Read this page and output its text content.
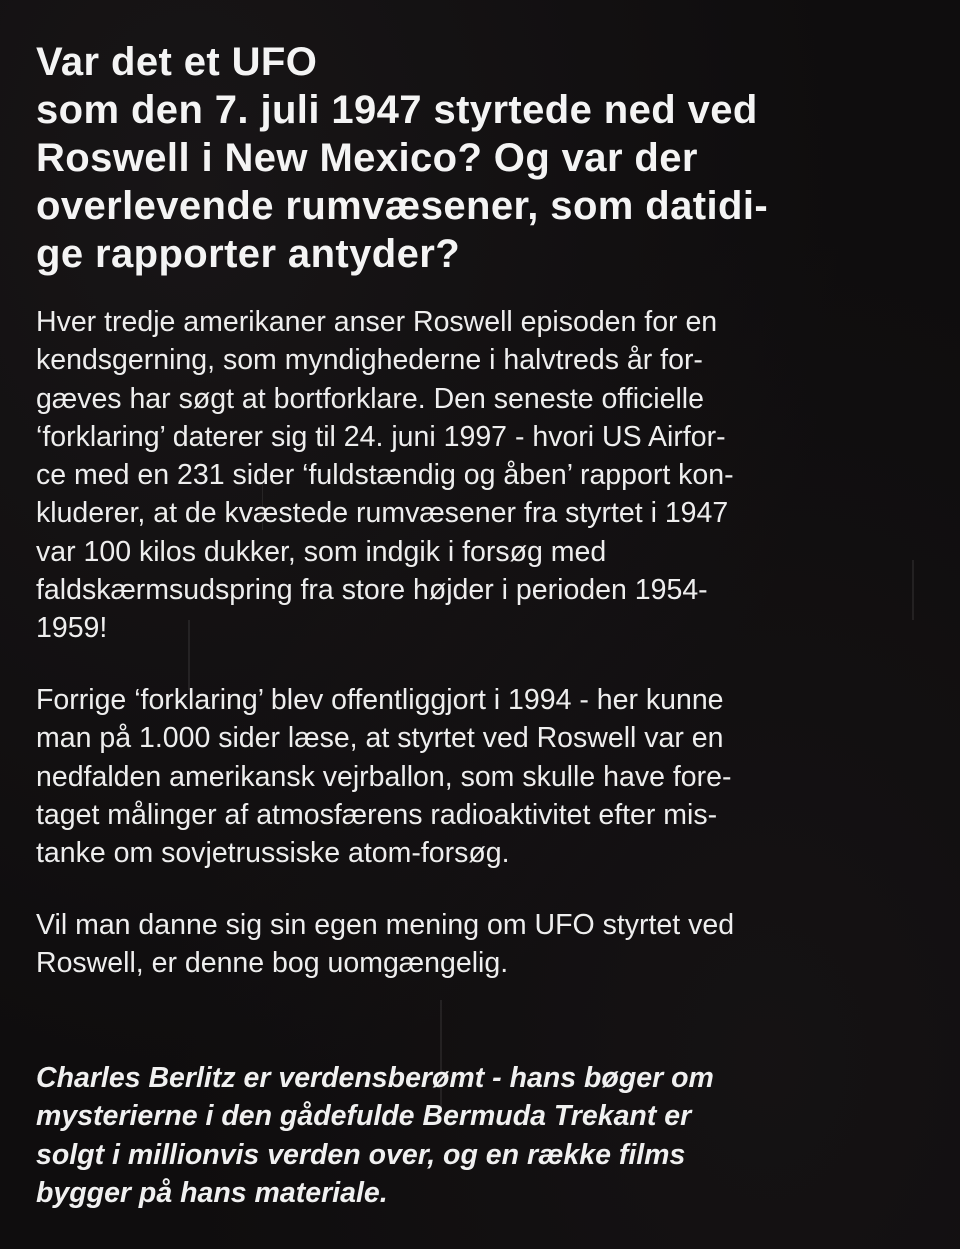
Var det et UFO
som den 7. juli 1947 styrtede ned ved
Roswell i New Mexico? Og var der
overlevende rumvæsener, som datidi-
ge rapporter antyder?

Hver tredje amerikaner anser Roswell episoden for en
kendsgerning, som myndighederne i halvtreds år for-
gæves har søgt at bortforklare. Den seneste officielle
‘forklaring’ daterer sig til 24. juni 1997 - hvori US Airfor-
ce med en 231 sider ‘fuldstændig og åben’ rapport kon-
kluderer, at de kvæstede rumvæsener fra styrtet i 1947
var 100 kilos dukker, som indgik i forsøg med
faldskærmsudspring fra store højder i perioden 1954-
1959!

Forrige ‘forklaring’ blev offentliggjort i 1994 - her kunne
man på 1.000 sider læse, at styrtet ved Roswell var en
nedfalden amerikansk vejrballon, som skulle have fore-
taget målinger af atmosfærens radioaktivitet efter mis-
tanke om sovjetrussiske atom-forsøg.

Vil man danne sig sin egen mening om UFO styrtet ved
Roswell, er denne bog uomgængelig.

Charles Berlitz er verdensberømt - hans bøger om
mysterierne i den gådefulde Bermuda Trekant er
solgt i millionvis verden over, og en række films
bygger på hans materiale.
